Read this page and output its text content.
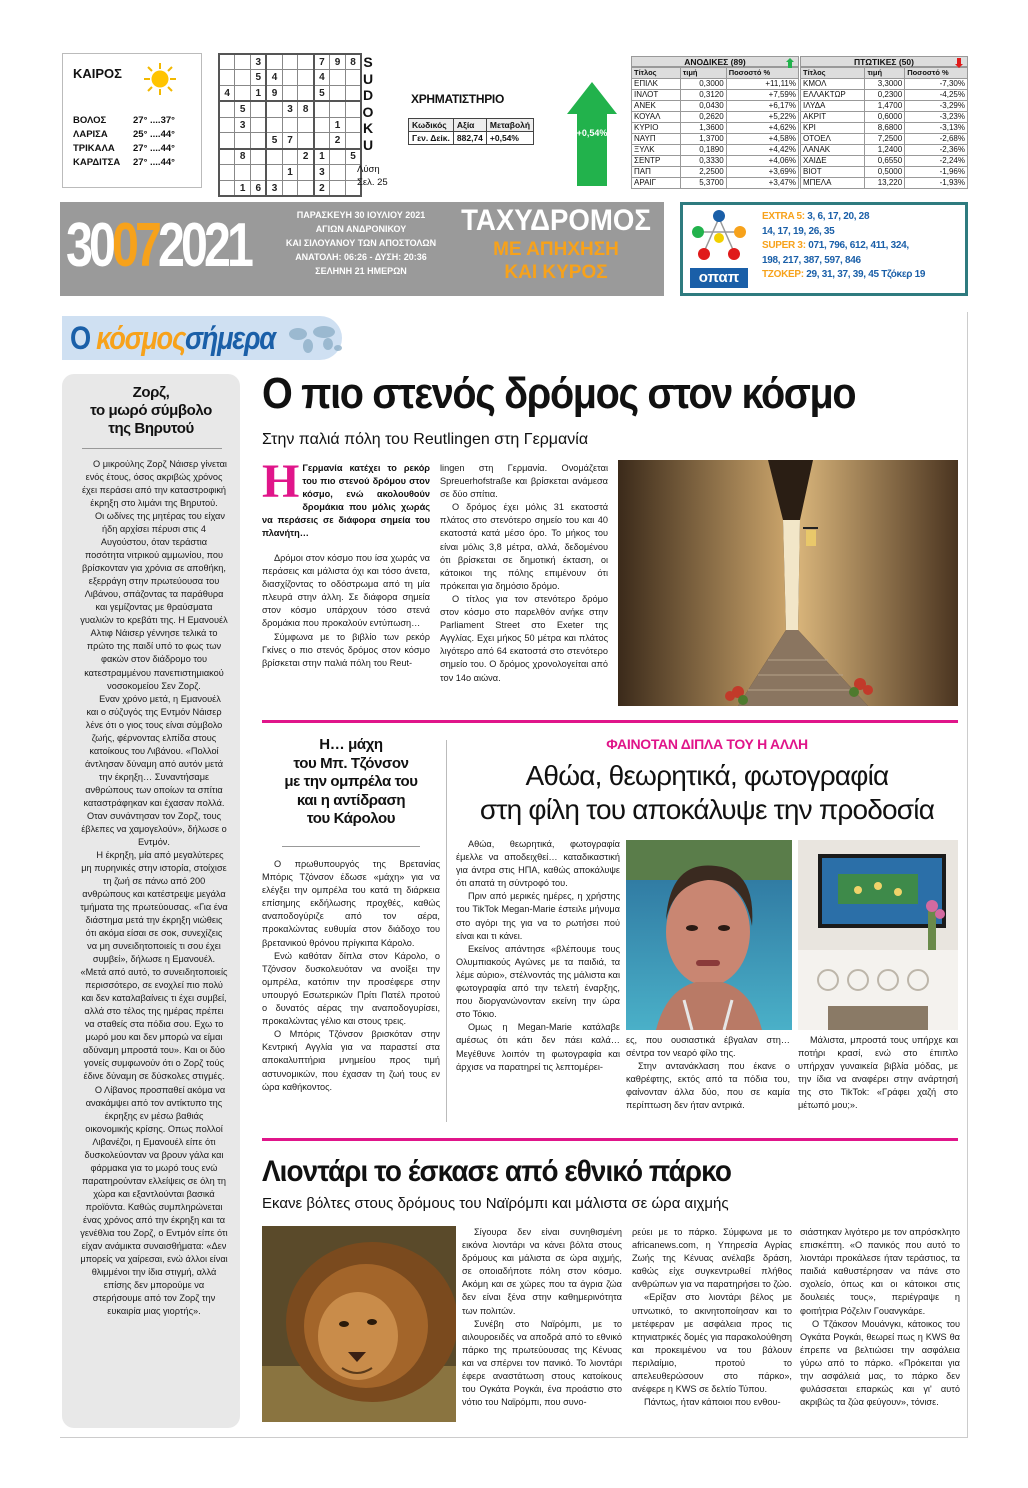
ΚΑΙΡΟΣ
ΒΟΛΟΣ	27° ....37°
ΛΑΡΙΣΑ	25° ....44°
ΤΡΙΚΑΛΑ	27° ....44°
ΚΑΡΔΙΤΣΑ	27° ....44°
		3				7	9	8
		5	4			4		
4		1	9			5		
	5			3	8			
	3						1	
			5	7			2	
	8				2	1		5
				1		3		
	1	6	3			2		
S
U
D
O
K
U
Λύση
Σελ. 25
ΧΡΗΜΑΤΙΣΤΗΡΙΟ
Κωδικός	Αξία	Μεταβολή
Γεν. Δείκ.	882,74	+0,54%	+0,54%
ΑΝΟΔΙΚΕΣ (89)
Τίτλος	τιμή	Ποσοστό %
ΕΠΙΛΚ	0,3000	+11,11%
ΙΝΛΟΤ	0,3120	+7,59%
ΑΝΕΚ	0,0430	+6,17%
ΚΟΥΑΛ	0,2620	+5,22%
ΚΥΡΙΟ	1,3600	+4,62%
ΝΑΥΠ	1,3700	+4,58%
ΞΥΛΚ	0,1890	+4,42%
ΣΕΝΤΡ	0,3330	+4,06%
ΠΑΠ	2,2500	+3,69%
ΑΡΑΙΓ	5,3700	+3,47%
ΠΤΩΤΙΚΕΣ (50)
Τίτλος	τιμή	Ποσοστό %
ΚΜΟΛ	3,3000	-7,30%
ΕΛΛΑΚΤΩΡ	0,2300	-4,25%
ΙΛΥΔΑ	1,4700	-3,29%
ΑΚΡΙΤ	0,6000	-3,23%
ΚΡΙ	8,6800	-3,13%
ΟΤΟΕΛ	7,2500	-2,68%
ΛΑΝΑΚ	1,2400	-2,36%
ΧΑΙΔΕ	0,6550	-2,24%
ΒΙΟΤ	0,5000	-1,96%
ΜΠΕΛΑ	13,220	-1,93%
30072021	ΠΑΡΑΣΚΕΥΗ 30 ΙΟΥΛΙΟΥ 2021
ΑΓΙΩΝ ΑΝΔΡΟΝΙΚΟΥ
ΚΑΙ ΣΙΛΟΥΑΝΟΥ ΤΩΝ ΑΠΟΣΤΟΛΩΝ
ΑΝΑΤΟΛΗ: 06:26 - ΔΥΣΗ: 20:36
ΣΕΛΗΝΗ 21 ΗΜΕΡΩΝ
ΤΑΧΥΔΡΟΜΟΣ
ΜΕ ΑΠΗΧΗΣΗ
ΚΑΙ ΚΥΡΟΣ	οπαπ
EXTRA 5: 3, 6, 17, 20, 28
14, 17, 19, 26, 35
SUPER 3: 071, 796, 612, 411, 324,
198, 217, 387, 597, 846
ΤΖΟΚΕΡ: 29, 31, 37, 39, 45 Τζόκερ 19
Ο κόσμοςσήμερα
Ζορζ,
το μωρό σύμβολο
της Βηρυτού

Ο μικρούλης Ζορζ Νάισερ γίνεται ενός έτους, όσος ακριβώς χρόνος έχει περάσει από την καταστροφική έκρηξη στο λιμάνι της Βηρυτού.

Οι ωδίνες της μητέρας του είχαν ήδη αρχίσει πέρυσι στις 4 Αυγούστου, όταν τεράστια ποσότητα νιτρικού αμμωνίου, που βρίσκονταν για χρόνια σε αποθήκη, εξερράγη στην πρωτεύουσα του Λιβάνου, σπάζοντας τα παράθυρα και γεμίζοντας με θραύσματα γυαλιών το κρεβάτι της. Η Εμανουέλ Αλτιφ Νάισερ γέννησε τελικά το πρώτο της παιδί υπό το φως των φακών στον διάδρομο του κατεστραμμένου πανεπιστημιακού νοσοκομείου Σεν Ζορζ.

Εναν χρόνο μετά, η Εμανουέλ και ο σύζυγός της Εντμόν Νάισερ λένε ότι ο γιος τους είναι σύμβολο ζωής, φέρνοντας ελπίδα στους κατοίκους του Λιβάνου. «Πολλοί άντλησαν δύναμη από αυτόν μετά την έκρηξη… Συναντήσαμε ανθρώπους των οποίων τα σπίτια καταστράφηκαν και έχασαν πολλά. Οταν συνάντησαν τον Ζορζ, τους έβλεπες να χαμογελούν», δήλωσε ο Εντμόν.

Η έκρηξη, μία από μεγαλύτερες μη πυρηνικές στην ιστορία, στοίχισε τη ζωή σε πάνω από 200 ανθρώπους και κατέστρεψε μεγάλα τμήματα της πρωτεύουσας. «Για ένα διάστημα μετά την έκρηξη νιώθεις ότι ακόμα είσαι σε σοκ, συνεχίζεις να μη συνειδητοποιείς τι σου έχει συμβεί», δήλωσε η Εμανουέλ. «Μετά από αυτό, το συνειδητοποιείς περισσότερο, σε ενοχλεί πιο πολύ και δεν καταλαβαίνεις τι έχει συμβεί, αλλά στο τέλος της ημέρας πρέπει να σταθείς στα πόδια σου. Εχω το μωρό μου και δεν μπορώ να είμαι αδύναμη μπροστά του». Και οι δύο γονείς συμφωνούν ότι ο Ζορζ τούς έδινε δύναμη σε δύσκολες στιγμές.

Ο Λίβανος προσπαθεί ακόμα να ανακάμψει από τον αντίκτυπο της έκρηξης εν μέσω βαθιάς οικονομικής κρίσης. Οπως πολλοί Λιβανέζοι, η Εμανουέλ είπε ότι δυσκολεύονταν να βρουν γάλα και φάρμακα για το μωρό τους ενώ παρατηρούνταν ελλείψεις σε όλη τη χώρα και εξαντλούνται βασικά προϊόντα. Καθώς συμπληρώνεται ένας χρόνος από την έκρηξη και τα γενέθλια του Ζορζ, ο Εντμόν είπε ότι είχαν ανάμικτα συναισθήματα: «Δεν μπορείς να χαίρεσαι, ενώ άλλοι είναι θλιμμένοι την ίδια στιγμή, αλλά επίσης δεν μπορούμε να στερήσουμε από τον Ζορζ την ευκαιρία μιας γιορτής».

Ο πιο στενός δρόμος στον κόσμο
Στην παλιά πόλη του Reutlingen στη Γερμανία
Η Γερμανία κατέχει το ρεκόρ του πιο στενού δρόμου στον κόσμο, ενώ ακολουθούν δρομάκια που μόλις χωράς να περάσεις σε διάφορα σημεία του πλανήτη…

Δρόμοι στον κόσμο που ίσα χωράς να περάσεις και μάλιστα όχι και τόσο άνετα, διασχίζοντας το οδόστρωμα από τη μία πλευρά στην άλλη. Σε διάφορα σημεία στον κόσμο υπάρχουν τόσο στενά δρομάκια που προκαλούν εντύπωση…

Σύμφωνα με το βιβλίο των ρεκόρ Γκίνες ο πιο στενός δρόμος στον κόσμο βρίσκεται στην παλιά πόλη του Reut-

lingen στη Γερμανία. Ονομάζεται Spreuerhofstraße και βρίσκεται ανάμεσα σε δύο σπίτια.

Ο δρόμος έχει μόλις 31 εκατοστά πλάτος στο στενότερο σημείο του και 40 εκατοστά κατά μέσο όρο. Το μήκος του είναι μόλις 3,8 μέτρα, αλλά, δεδομένου ότι βρίσκεται σε δημοτική έκταση, οι κάτοικοι της πόλης επιμένουν ότι πρόκειται για δημόσιο δρόμο.

Ο τίτλος για τον στενότερο δρόμο στον κόσμο στο παρελθόν ανήκε στην Parliament Street στο Exeter της Αγγλίας. Εχει μήκος 50 μέτρα και πλάτος λιγότερο από 64 εκατοστά στο στενότερο σημείο του. Ο δρόμος χρονολογείται από τον 14ο αιώνα.

Η… μάχη
του Μπ. Τζόνσον
με την ομπρέλα του
και η αντίδραση
του Κάρολου

Ο πρωθυπουργός της Βρετανίας Μπόρις Τζόνσον έδωσε «μάχη» για να ελέγξει την ομπρέλα του κατά τη διάρκεια επίσημης εκδήλωσης προχθές, καθώς αναποδογύριζε από τον αέρα, προκαλώντας ευθυμία στον διάδοχο του βρετανικού θρόνου πρίγκιπα Κάρολο.

Ενώ καθόταν δίπλα στον Κάρολο, ο Τζόνσον δυσκολευόταν να ανοίξει την ομπρέλα, κατόπιν την προσέφερε στην υπουργό Εσωτερικών Πρίτι Πατέλ προτού ο δυνατός αέρας την αναποδογυρίσει, προκαλώντας γέλιο και στους τρεις.

Ο Μπόρις Τζόνσον βρισκόταν στην Κεντρική Αγγλία για να παραστεί στα αποκαλυπτήρια μνημείου προς τιμή αστυνομικών, που έχασαν τη ζωή τους εν ώρα καθήκοντος.

ΦΑΙΝΟΤΑΝ ΔΙΠΛΑ ΤΟΥ Η ΑΛΛΗ
Αθώα, θεωρητικά, φωτογραφία
στη φίλη του αποκάλυψε την προδοσία

Αθώα, θεωρητικά, φωτογραφία έμελλε να αποδειχθεί… καταδικαστική για άντρα στις ΗΠΑ, καθώς αποκάλυψε ότι απατά τη σύντροφό του.

Πριν από μερικές ημέρες, η χρήστης του TikTok Megan-Marie έστειλε μήνυμα στο αγόρι της για να το ρωτήσει πού είναι και τι κάνει.

Εκείνος απάντησε «βλέπουμε τους Ολυμπιακούς Αγώνες με τα παιδιά, τα λέμε αύριο», στέλνοντάς της μάλιστα και φωτογραφία από την τελετή έναρξης, που διοργανώνονταν εκείνη την ώρα στο Τόκιο.

Ομως η Megan-Marie κατάλαβε αμέσως ότι κάτι δεν πάει καλά… Μεγέθυνε λοιπόν τη φωτογραφία και άρχισε να παρατηρεί τις λεπτομέρει-

ες, που ουσιαστικά έβγαλαν στη… σέντρα τον νεαρό φίλο της.

Στην αντανάκλαση που έκανε ο καθρέφτης, εκτός από τα πόδια του, φαίνονταν άλλα δύο, που σε καμία περίπτωση δεν ήταν αντρικά.

Μάλιστα, μπροστά τους υπήρχε και ποτήρι κρασί, ενώ στο έπιπλο υπήρχαν γυναικεία βιβλία μόδας, με την ίδια να αναφέρει στην ανάρτησή της στο TikTok: «Γράφει χαζή στο μέτωπό μου;».

Λιοντάρι το έσκασε από εθνικό πάρκο
Εκανε βόλτες στους δρόμους του Ναϊρόμπι και μάλιστα σε ώρα αιχμής

Σίγουρα δεν είναι συνηθισμένη εικόνα λιοντάρι να κάνει βόλτα στους δρόμους και μάλιστα σε ώρα αιχμής, σε οποιαδήποτε πόλη στον κόσμο. Ακόμη και σε χώρες που τα άγρια ζώα δεν είναι ξένα στην καθημερινότητα των πολιτών.

Συνέβη στο Ναϊρόμπι, με το αιλουροειδές να αποδρά από το εθνικό πάρκο της πρωτεύουσας της Κένυας και να σπέρνει τον πανικό. Το λιοντάρι έφερε αναστάτωση στους κατοίκους του Ογκάτα Ρογκάι, ένα προάστιο στο νότιο του Ναϊρόμπι, που συνο-

ρεύει με το πάρκο. Σύμφωνα με το africanews.com, η Υπηρεσία Αγρίας Ζωής της Κένυας ανέλαβε δράση, καθώς είχε συγκεντρωθεί πλήθος ανθρώπων για να παρατηρήσει το ζώο.

«Ερίξαν στο λιοντάρι βέλος με υπνωτικό, το ακινητοποίησαν και το μετέφεραν με ασφάλεια προς τις κτηνιατρικές δομές για παρακολούθηση και προκειμένου να του βάλουν περιλαίμιο, προτού το απελευθερώσουν στο πάρκο», ανέφερε η KWS σε δελτίο Τύπου.

Πάντως, ήταν κάποιοι που ενθου-

σιάστηκαν λιγότερο με τον απρόσκλητο επισκέπτη. «Ο πανικός που αυτό το λιοντάρι προκάλεσε ήταν τεράστιος, τα παιδιά καθυστέρησαν να πάνε στο σχολείο, όπως και οι κάτοικοι στις δουλειές τους», περιέγραψε η φοιτήτρια Ρόζελιν Γουανγκάρε.

Ο Τζάκσον Μουάνγκι, κάτοικος του Ογκάτα Ρογκάι, θεωρεί πως η KWS θα έπρεπε να βελτιώσει την ασφάλεια γύρω από το πάρκο. «Πρόκειται για την ασφάλειά μας, το πάρκο δεν φυλάσσεται επαρκώς και γι' αυτό ακριβώς τα ζώα φεύγουν», τόνισε.
